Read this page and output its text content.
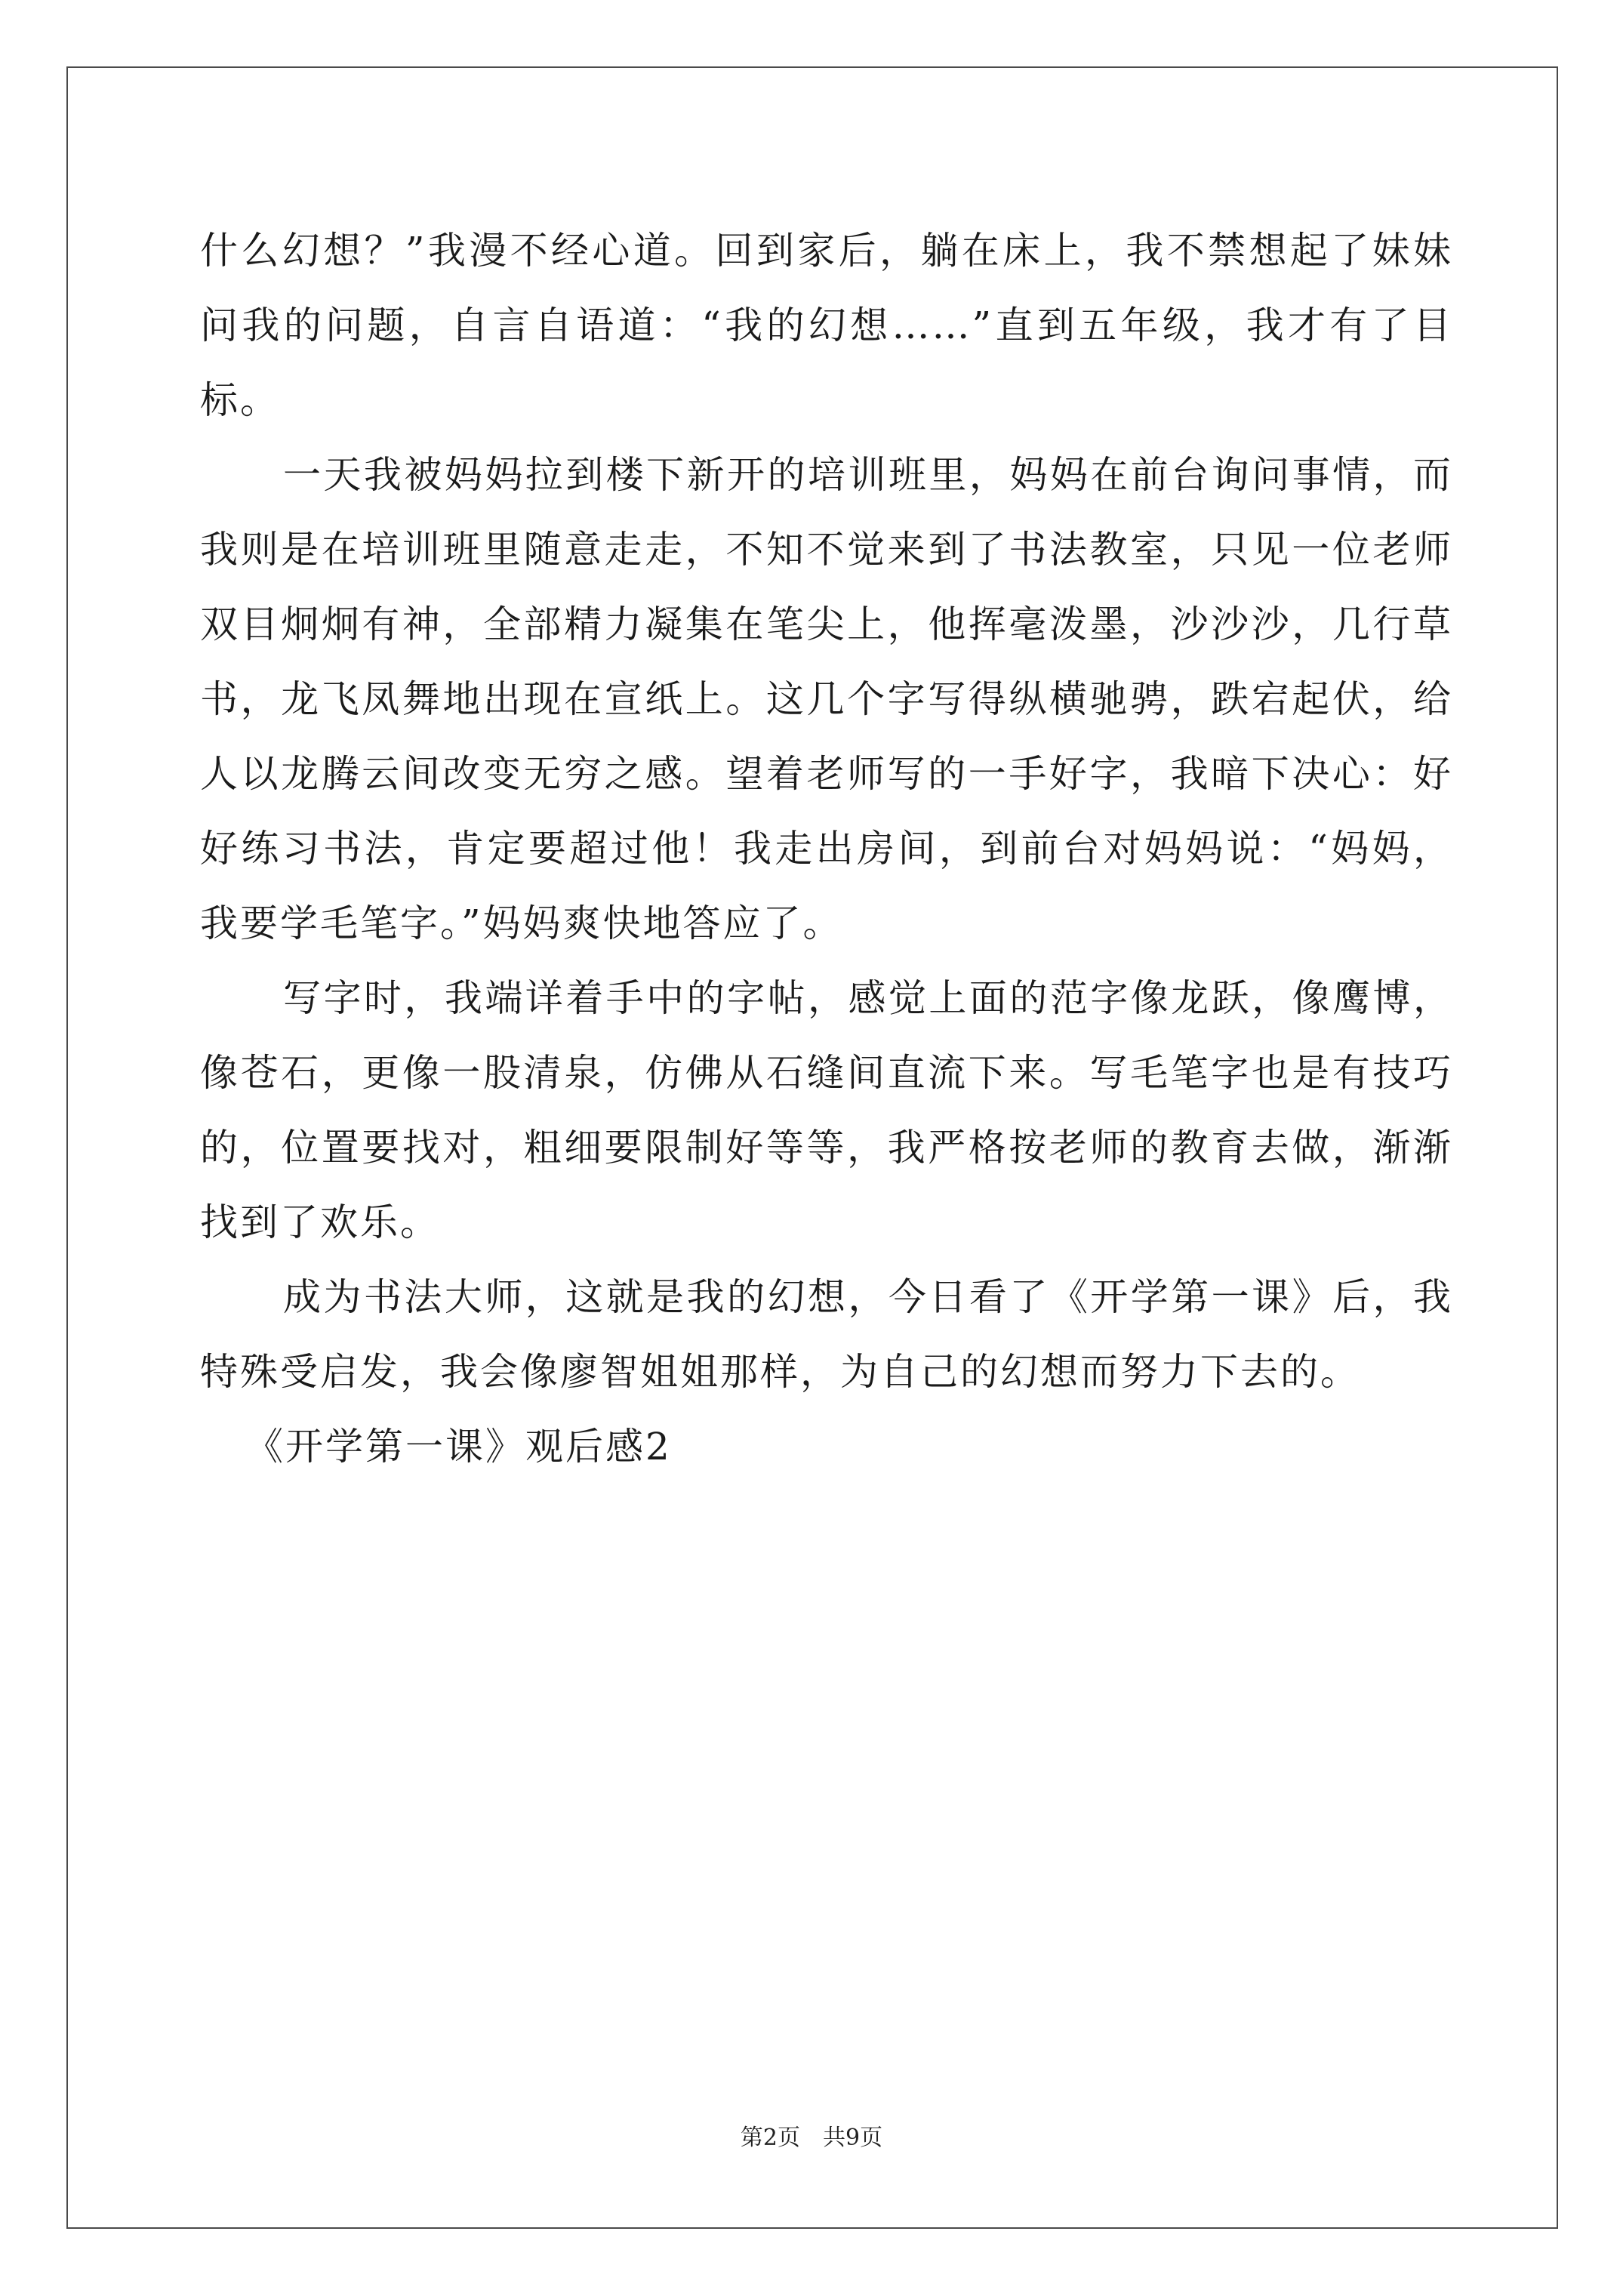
什么幻想？”我漫不经心道。回到家后，躺在床上，我不禁想起了妹妹问我的问题，自言自语道：“我的幻想……”直到五年级，我才有了目标。

一天我被妈妈拉到楼下新开的培训班里，妈妈在前台询问事情，而我则是在培训班里随意走走，不知不觉来到了书法教室，只见一位老师双目炯炯有神，全部精力凝集在笔尖上，他挥毫泼墨，沙沙沙，几行草书，龙飞凤舞地出现在宣纸上。这几个字写得纵横驰骋，跌宕起伏，给人以龙腾云间改变无穷之感。望着老师写的一手好字，我暗下决心：好好练习书法，肯定要超过他！我走出房间，到前台对妈妈说：“妈妈，我要学毛笔字。”妈妈爽快地答应了。

写字时，我端详着手中的字帖，感觉上面的范字像龙跃，像鹰博，像苍石，更像一股清泉，仿佛从石缝间直流下来。写毛笔字也是有技巧的，位置要找对，粗细要限制好等等，我严格按老师的教育去做，渐渐找到了欢乐。

成为书法大师，这就是我的幻想，今日看了《开学第一课》后，我特殊受启发，我会像廖智姐姐那样，为自己的幻想而努力下去的。

《开学第一课》观后感2

第2页　共9页
